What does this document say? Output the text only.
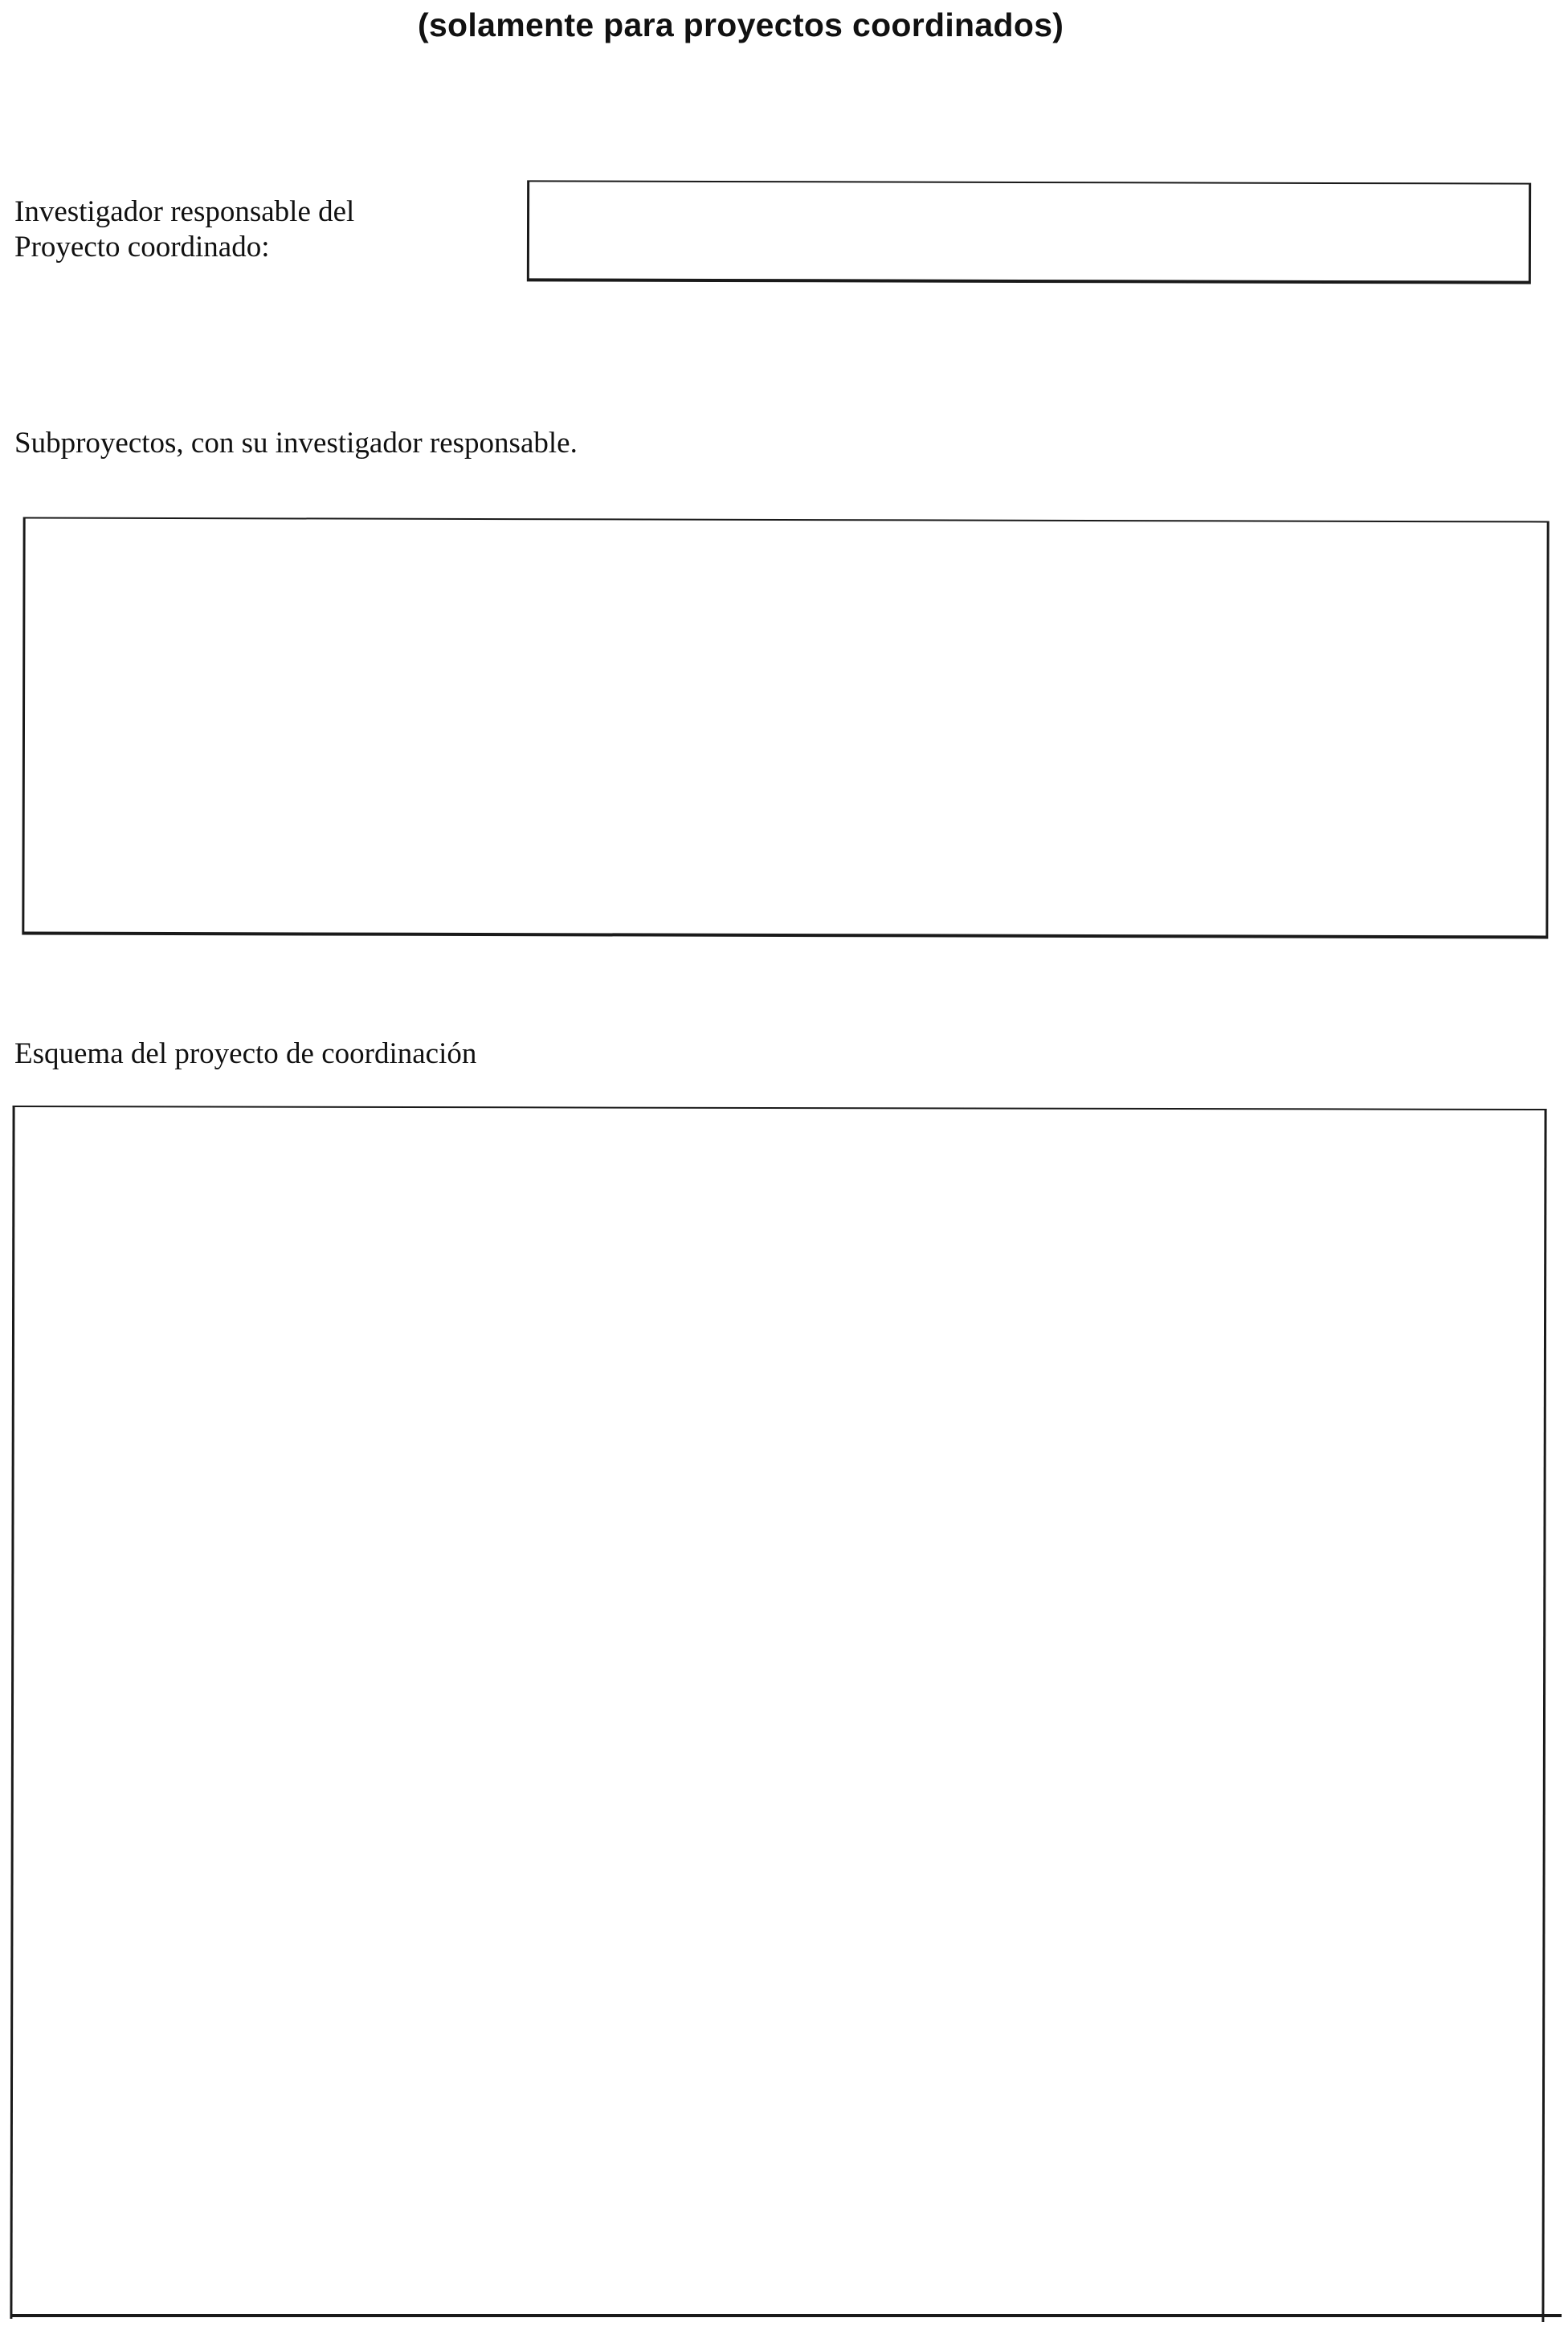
(solamente para proyectos coordinados)
Investigador responsable del
Proyecto coordinado:
Subproyectos, con su investigador responsable.
Esquema del proyecto de coordinación
